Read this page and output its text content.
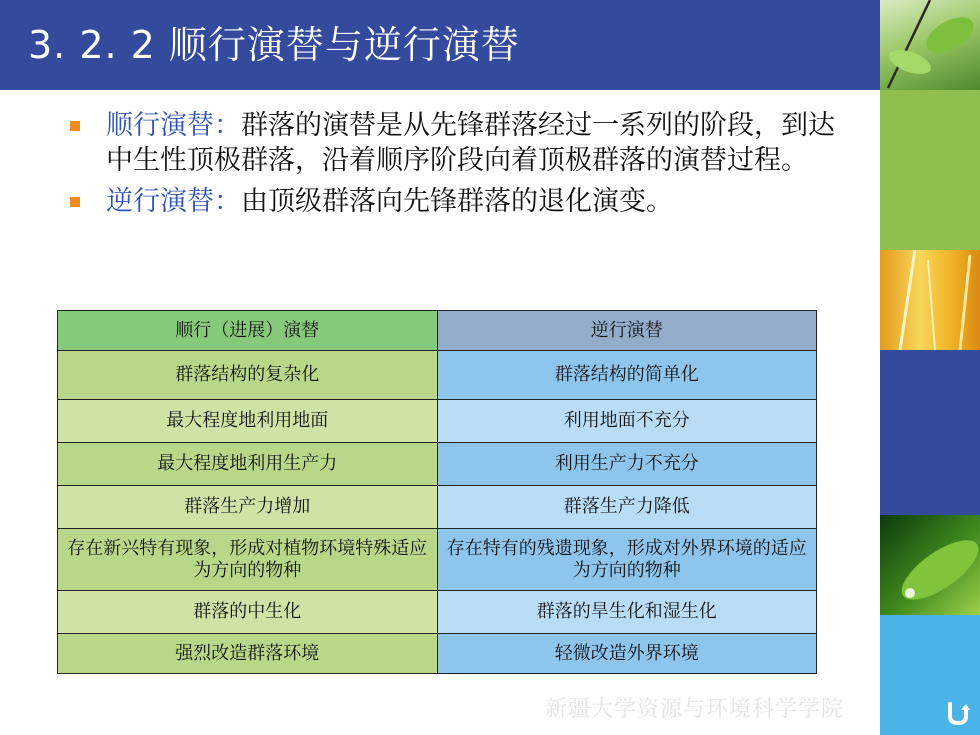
3. 2. 2 顺行演替与逆行演替
顺行演替：群落的演替是从先锋群落经过一系列的阶段，到达中生性顶极群落，沿着顺序阶段向着顶极群落的演替过程。
逆行演替：由顶级群落向先锋群落的退化演变。
顺行（进展）演替	逆行演替
群落结构的复杂化	群落结构的简单化
最大程度地利用地面	利用地面不充分
最大程度地利用生产力	利用生产力不充分
群落生产力增加	群落生产力降低
存在新兴特有现象，形成对植物环境特殊适应为方向的物种	存在特有的残遗现象，形成对外界环境的适应为方向的物种
群落的中生化	群落的旱生化和湿生化
强烈改造群落环境	轻微改造外界环境
新疆大学资源与环境科学学院
